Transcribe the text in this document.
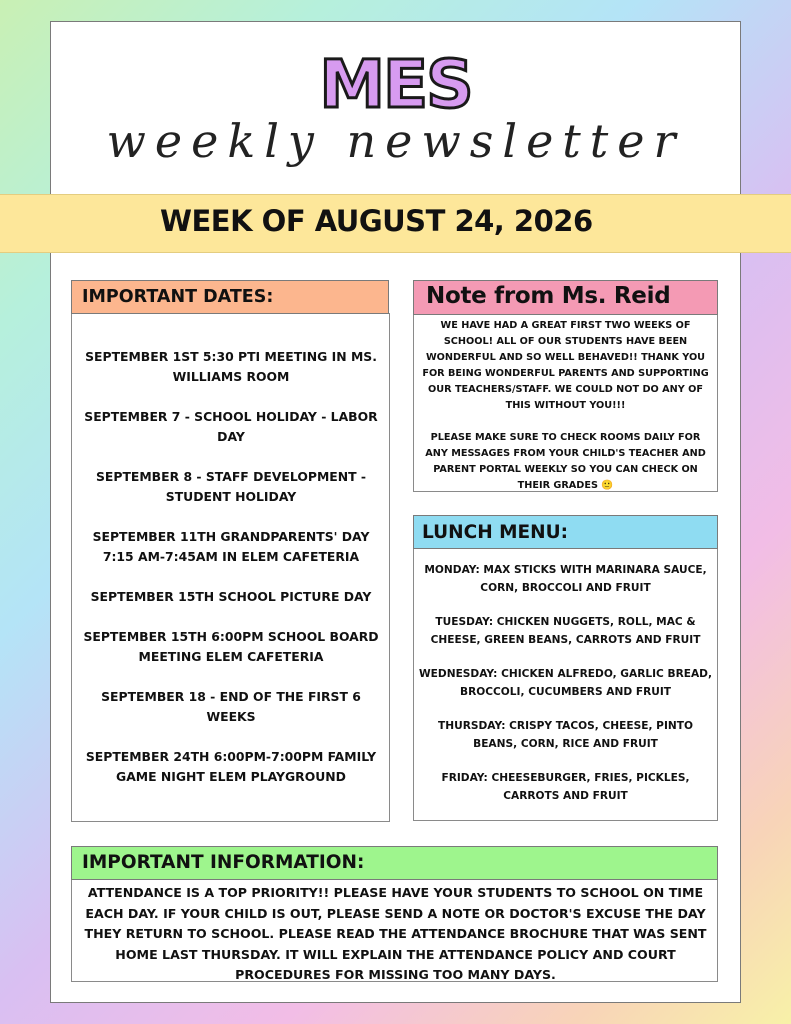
MES
weekly newsletter
WEEK OF AUGUST 24, 2026
IMPORTANT DATES:

SEPTEMBER 1ST 5:30 PTI MEETING IN MS. WILLIAMS ROOM

SEPTEMBER 7 - SCHOOL HOLIDAY - LABOR DAY

SEPTEMBER 8 - STAFF DEVELOPMENT - STUDENT HOLIDAY

SEPTEMBER 11TH GRANDPARENTS' DAY 7:15 AM-7:45AM IN ELEM CAFETERIA

SEPTEMBER 15TH SCHOOL PICTURE DAY

SEPTEMBER 15TH 6:00PM SCHOOL BOARD MEETING ELEM CAFETERIA

SEPTEMBER 18 - END OF THE FIRST 6 WEEKS

SEPTEMBER 24TH 6:00PM-7:00PM FAMILY GAME NIGHT ELEM PLAYGROUND

Note from Ms. Reid

WE HAVE HAD A GREAT FIRST TWO WEEKS OF SCHOOL! ALL OF OUR STUDENTS HAVE BEEN WONDERFUL AND SO WELL BEHAVED!! THANK YOU FOR BEING WONDERFUL PARENTS AND SUPPORTING OUR TEACHERS/STAFF. WE COULD NOT DO ANY OF THIS WITHOUT YOU!!!

PLEASE MAKE SURE TO CHECK ROOMS DAILY FOR ANY MESSAGES FROM YOUR CHILD'S TEACHER AND PARENT PORTAL WEEKLY SO YOU CAN CHECK ON THEIR GRADES 🙂

LUNCH MENU:

MONDAY: MAX STICKS WITH MARINARA SAUCE, CORN, BROCCOLI AND FRUIT

TUESDAY: CHICKEN NUGGETS, ROLL, MAC & CHEESE, GREEN BEANS, CARROTS AND FRUIT

WEDNESDAY: CHICKEN ALFREDO, GARLIC BREAD, BROCCOLI, CUCUMBERS AND FRUIT

THURSDAY: CRISPY TACOS, CHEESE, PINTO BEANS, CORN, RICE AND FRUIT

FRIDAY: CHEESEBURGER, FRIES, PICKLES, CARROTS AND FRUIT

IMPORTANT INFORMATION:
ATTENDANCE IS A TOP PRIORITY!! PLEASE HAVE YOUR STUDENTS TO SCHOOL ON TIME EACH DAY. IF YOUR CHILD IS OUT, PLEASE SEND A NOTE OR DOCTOR'S EXCUSE THE DAY THEY RETURN TO SCHOOL. PLEASE READ THE ATTENDANCE BROCHURE THAT WAS SENT HOME LAST THURSDAY. IT WILL EXPLAIN THE ATTENDANCE POLICY AND COURT PROCEDURES FOR MISSING TOO MANY DAYS.
